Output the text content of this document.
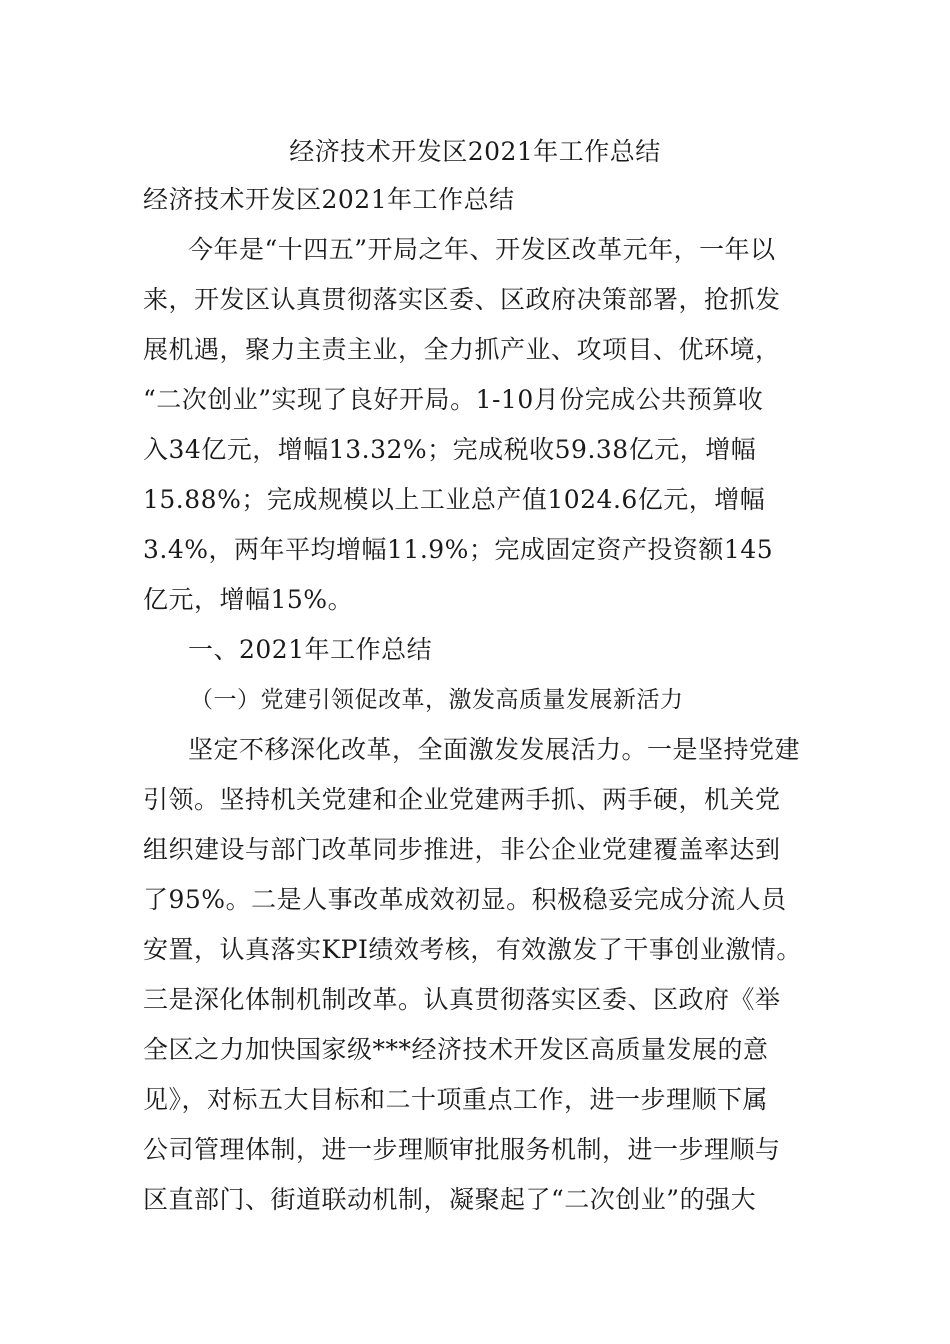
经济技术开发区2021年工作总结
经济技术开发区2021年工作总结
今年是“十四五”开局之年、开发区改革元年，一年以
来，开发区认真贯彻落实区委、区政府决策部署，抢抓发
展机遇，聚力主责主业，全力抓产业、攻项目、优环境，
“二次创业”实现了良好开局。1-10月份完成公共预算收
入34亿元，增幅13.32%；完成税收59.38亿元，增幅
15.88%；完成规模以上工业总产值1024.6亿元，增幅
3.4%，两年平均增幅11.9%；完成固定资产投资额145
亿元，增幅15%。
一、2021年工作总结
（一）党建引领促改革，激发高质量发展新活力
坚定不移深化改革，全面激发发展活力。一是坚持党建
引领。坚持机关党建和企业党建两手抓、两手硬，机关党
组织建设与部门改革同步推进，非公企业党建覆盖率达到
了95%。二是人事改革成效初显。积极稳妥完成分流人员
安置，认真落实KPI绩效考核，有效激发了干事创业激情。
三是深化体制机制改革。认真贯彻落实区委、区政府《举
全区之力加快国家级***经济技术开发区高质量发展的意
见》，对标五大目标和二十项重点工作，进一步理顺下属
公司管理体制，进一步理顺审批服务机制，进一步理顺与
区直部门、街道联动机制，凝聚起了“二次创业”的强大
